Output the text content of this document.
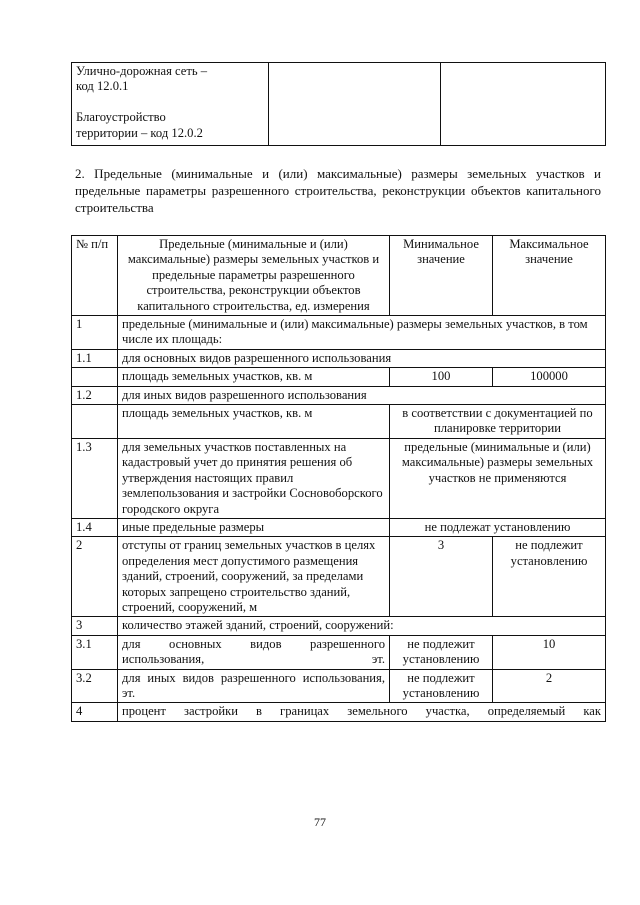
Улично-дорожная сеть –
код 12.0.1

Благоустройство
территории – код 12.0.2		

2. Предельные (минимальные и (или) максимальные) размеры земельных участков и предельные параметры разрешенного строительства, реконструкции объектов капитального строительства

№ п/п	Предельные (минимальные и (или) максимальные) размеры земельных участков и предельные параметры разрешенного строительства, реконструкции объектов капитального строительства, ед. измерения	Минимальное значение	Максимальное значение
1	предельные (минимальные и (или) максимальные) размеры земельных участков, в том числе их площадь:		
1.1	для основных видов разрешенного использования		
	площадь земельных участков, кв. м	100	100000
1.2	для иных видов разрешенного использования		
	площадь земельных участков, кв. м	в соответствии с документацией по планировке территории	
1.3	для земельных участков поставленных на кадастровый учет до принятия решения об утверждения настоящих правил землепользования и застройки Сосновоборского городского округа	предельные (минимальные и (или) максимальные) размеры земельных участков не применяются	
1.4	иные предельные размеры	не подлежат установлению	
2	отступы от границ земельных участков в целях определения мест допустимого размещения зданий, строений, сооружений, за пределами которых запрещено строительство зданий, строений, сооружений, м	3	не подлежит установлению
3	количество этажей зданий, строений, сооружений:		
3.1	для основных видов разрешенного использования, эт.	не подлежит установлению	10
3.2	для иных видов разрешенного использования, эт.	не подлежит установлению	2
4	процент застройки в границах земельного участка, определяемый как		
77
